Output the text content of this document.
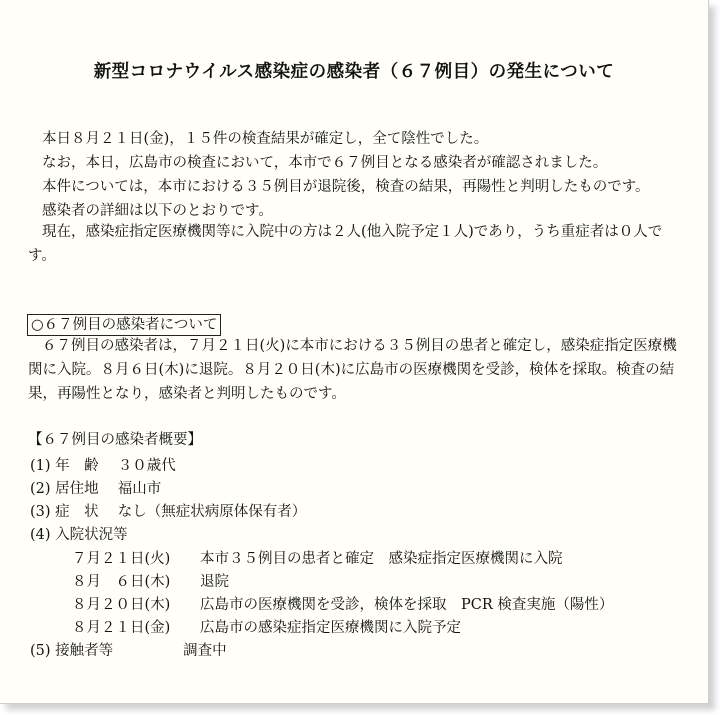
新型コロナウイルス感染症の感染者（６７例目）の発生について
本日８月２１日(金)，１５件の検査結果が確定し，全て陰性でした。
なお，本日，広島市の検査において，本市で６７例目となる感染者が確認されました。
本件については，本市における３５例目が退院後，検査の結果，再陽性と判明したものです。
感染者の詳細は以下のとおりです。
現在，感染症指定医療機関等に入院中の方は２人(他入院予定１人)であり，うち重症者は０人です。
○６７例目の感染者について
６７例目の感染者は，７月２１日(火)に本市における３５例目の患者と確定し，感染症指定医療機関に入院。８月６日(木)に退院。８月２０日(木)に広島市の医療機関を受診，検体を採取。検査の結果，再陽性となり，感染者と判明したものです。
【６７例目の感染者概要】
(1) 年　齢 　 ３０歳代
(2) 居住地 　 福山市
(3) 症　状 　 なし（無症状病原体保有者）
(4) 入院状況等
７月２１日(火) 本市３５例目の患者と確定　感染症指定医療機関に入院
８月　６日(木) 退院
８月２０日(木) 広島市の医療機関を受診，検体を採取　PCR 検査実施（陽性）
８月２１日(金) 広島市の感染症指定医療機関に入院予定
(5) 接触者等	調査中
